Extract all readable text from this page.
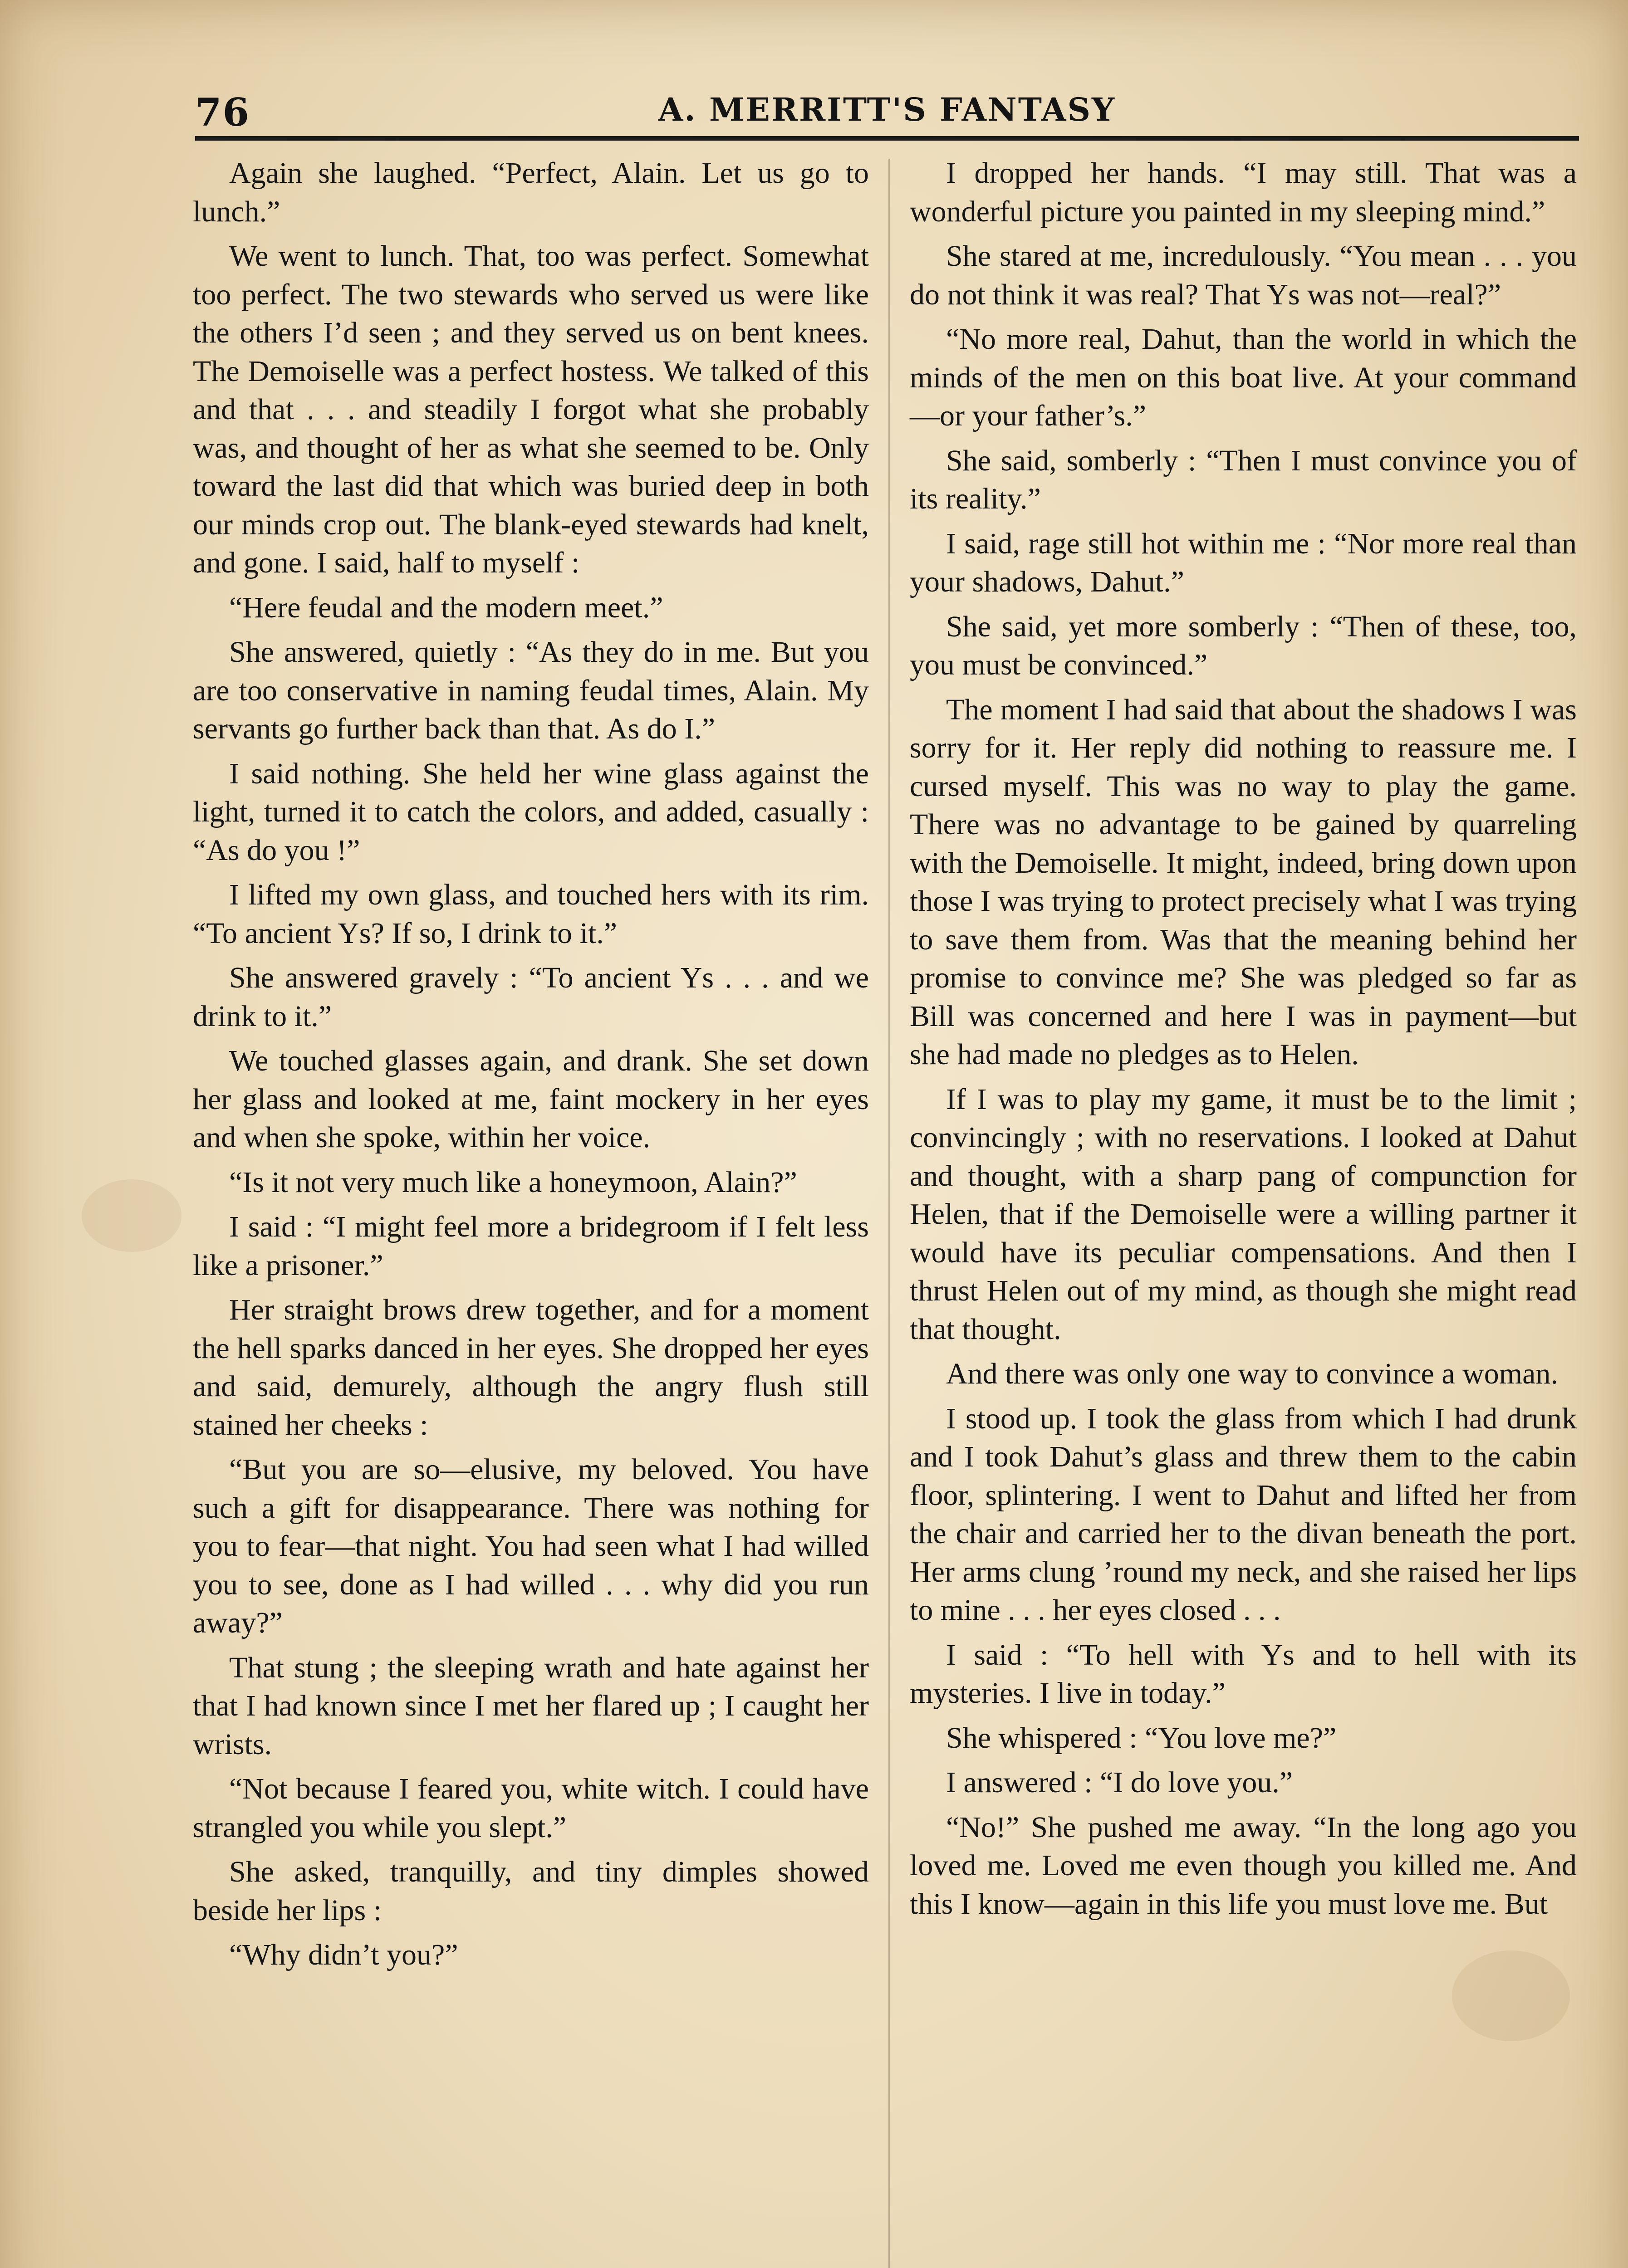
76	A. MERRITT'S FANTASY

Again she laughed. “Perfect, Alain. Let us go to lunch.”

We went to lunch. That, too was perfect. Somewhat too perfect. The two stewards who served us were like the others I’d seen ; and they served us on bent knees. The Demoiselle was a perfect hostess. We talked of this and that . . . and steadily I forgot what she probably was, and thought of her as what she seemed to be. Only toward the last did that which was buried deep in both our minds crop out. The blank-eyed stewards had knelt, and gone. I said, half to myself :

“Here feudal and the modern meet.”

She answered, quietly : “As they do in me. But you are too conservative in naming feudal times, Alain. My servants go further back than that. As do I.”

I said nothing. She held her wine glass against the light, turned it to catch the colors, and added, casually : “As do you !”

I lifted my own glass, and touched hers with its rim. “To ancient Ys? If so, I drink to it.”

She answered gravely : “To ancient Ys . . . and we drink to it.”

We touched glasses again, and drank. She set down her glass and looked at me, faint mockery in her eyes and when she spoke, within her voice.

“Is it not very much like a honeymoon, Alain?”

I said : “I might feel more a bridegroom if I felt less like a prisoner.”

Her straight brows drew together, and for a moment the hell sparks danced in her eyes. She dropped her eyes and said, demurely, although the angry flush still stained her cheeks :

“But you are so—elusive, my beloved. You have such a gift for disappearance. There was nothing for you to fear—that night. You had seen what I had willed you to see, done as I had willed . . . why did you run away?”

That stung ; the sleeping wrath and hate against her that I had known since I met her flared up ; I caught her wrists.

“Not because I feared you, white witch. I could have strangled you while you slept.”

She asked, tranquilly, and tiny dimples showed beside her lips :

“Why didn’t you?”

I dropped her hands. “I may still. That was a wonderful picture you painted in my sleeping mind.”

She stared at me, incredulously. “You mean . . . you do not think it was real? That Ys was not—real?”

“No more real, Dahut, than the world in which the minds of the men on this boat live. At your command—or your father’s.”

She said, somberly : “Then I must convince you of its reality.”

I said, rage still hot within me : “Nor more real than your shadows, Dahut.”

She said, yet more somberly : “Then of these, too, you must be convinced.”

The moment I had said that about the shadows I was sorry for it. Her reply did nothing to reassure me. I cursed myself. This was no way to play the game. There was no advantage to be gained by quarreling with the Demoiselle. It might, indeed, bring down upon those I was trying to protect precisely what I was trying to save them from. Was that the meaning behind her promise to convince me? She was pledged so far as Bill was concerned and here I was in payment—but she had made no pledges as to Helen.

If I was to play my game, it must be to the limit ; convincingly ; with no reservations. I looked at Dahut and thought, with a sharp pang of compunction for Helen, that if the Demoiselle were a willing partner it would have its peculiar compensations. And then I thrust Helen out of my mind, as though she might read that thought.

And there was only one way to convince a woman.

I stood up. I took the glass from which I had drunk and I took Dahut’s glass and threw them to the cabin floor, splintering. I went to Dahut and lifted her from the chair and carried her to the divan beneath the port. Her arms clung ’round my neck, and she raised her lips to mine . . . her eyes closed . . .

I said : “To hell with Ys and to hell with its mysteries. I live in today.”

She whispered : “You love me?”

I answered : “I do love you.”

“No!” She pushed me away. “In the long ago you loved me. Loved me even though you killed me. And this I know—again in this life you must love me. But
